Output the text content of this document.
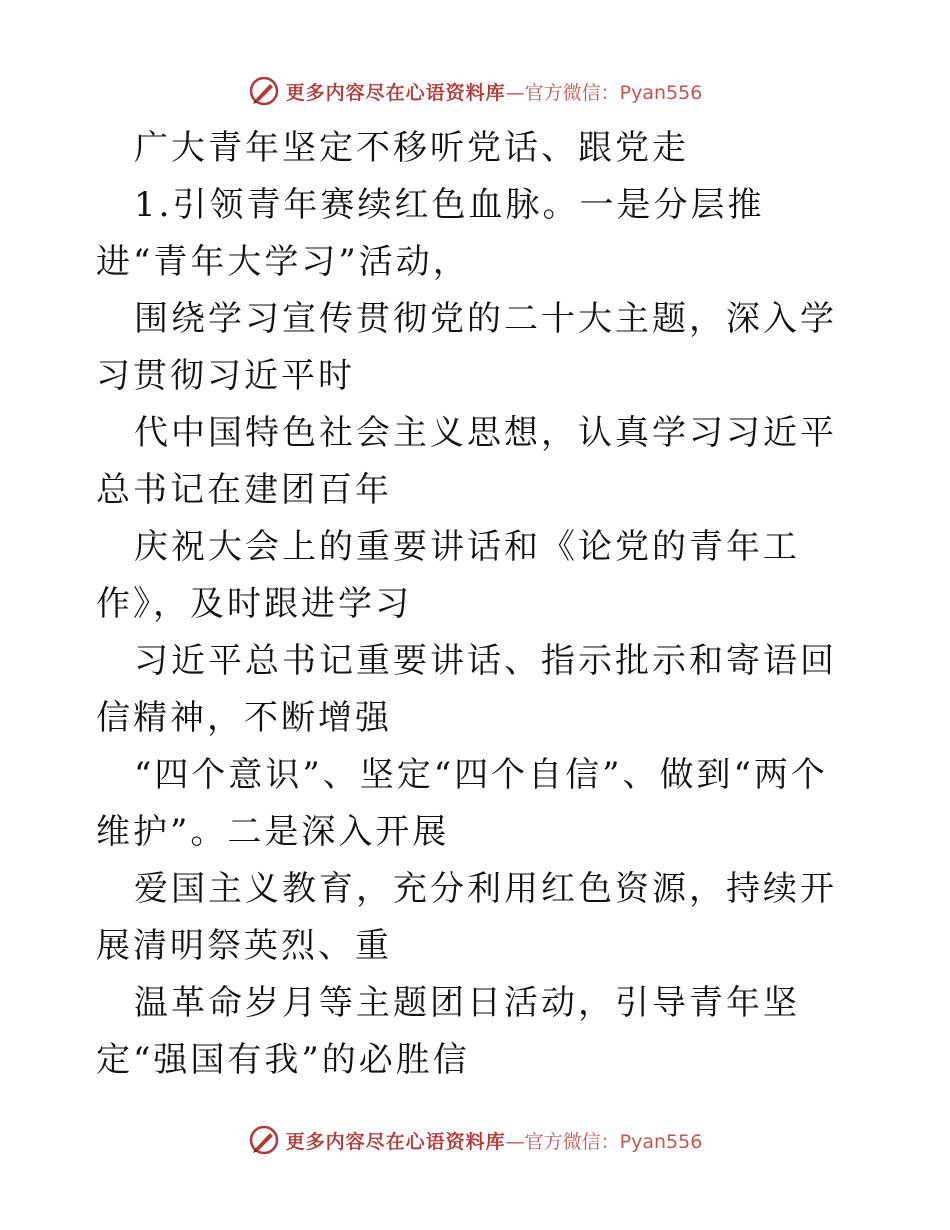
更多内容尽在心语资料库 —官方微信：Pyan556

广大青年坚定不移听党话、跟党走

1.引领青年赛续红色血脉。一是分层推进“青年大学习”活动，

围绕学习宣传贯彻党的二十大主题，深入学习贯彻习近平时

代中国特色社会主义思想，认真学习习近平总书记在建团百年

庆祝大会上的重要讲话和《论党的青年工作》，及时跟进学习

习近平总书记重要讲话、指示批示和寄语回信精神，不断增强

“四个意识”、坚定“四个自信”、做到“两个维护”。二是深入开展

爱国主义教育，充分利用红色资源，持续开展清明祭英烈、重

温革命岁月等主题团日活动，引导青年坚定“强国有我”的必胜信

更多内容尽在心语资料库 —官方微信：Pyan556
